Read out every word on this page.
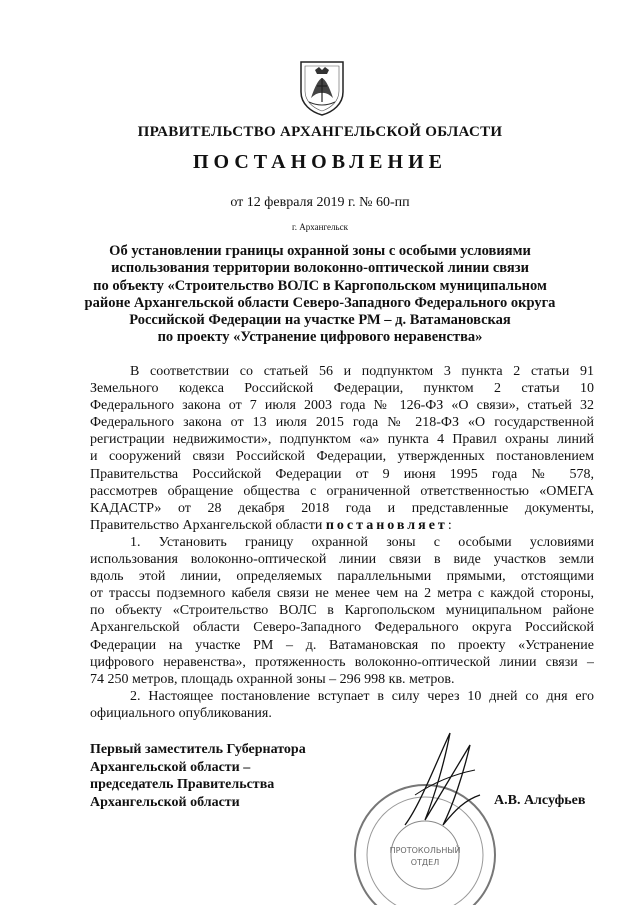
ПРАВИТЕЛЬСТВО АРХАНГЕЛЬСКОЙ ОБЛАСТИ
ПОСТАНОВЛЕНИЕ
от 12 февраля 2019 г. № 60-пп
г. Архангельск
Об установлении границы охранной зоны с особыми условиями
использования территории волоконно-оптической линии связи
по объекту «Строительство ВОЛС в Каргопольском муниципальном
районе Архангельской области Северо-Западного Федерального округа
Российской Федерации на участке РМ – д. Ватамановская
по проекту «Устранение цифрового неравенства»
В соответствии со статьей 56 и подпунктом 3 пункта 2 статьи 91
Земельного кодекса Российской Федерации, пунктом 2 статьи 10
Федерального закона от 7 июля 2003 года № 126-ФЗ «О связи», статьей 32
Федерального закона от 13 июля 2015 года № 218-ФЗ «О государственной
регистрации недвижимости», подпунктом «а» пункта 4 Правил охраны линий
и сооружений связи Российской Федерации, утвержденных постановлением
Правительства Российской Федерации от 9 июня 1995 года № 578,
рассмотрев обращение общества с ограниченной ответственностью «ОМЕГА
КАДАСТР» от 28 декабря 2018 года и представленные документы,
Правительство Архангельской области постановляет:
1. Установить границу охранной зоны с особыми условиями
использования волоконно-оптической линии связи в виде участков земли
вдоль этой линии, определяемых параллельными прямыми, отстоящими
от трассы подземного кабеля связи не менее чем на 2 метра с каждой стороны,
по объекту «Строительство ВОЛС в Каргопольском муниципальном районе
Архангельской области Северо-Западного Федерального округа Российской
Федерации на участке РМ – д. Ватамановская по проекту «Устранение
цифрового неравенства», протяженность волоконно-оптической линии связи –
74 250 метров, площадь охранной зоны – 296 998 кв. метров.
2. Настоящее постановление вступает в силу через 10 дней со дня его
официального опубликования.
ПРОТОКОЛЬНЫЙ
ОТДЕЛ
Первый заместитель Губернатора
Архангельской области –
председатель Правительства
Архангельской области	А.В. Алсуфьев
